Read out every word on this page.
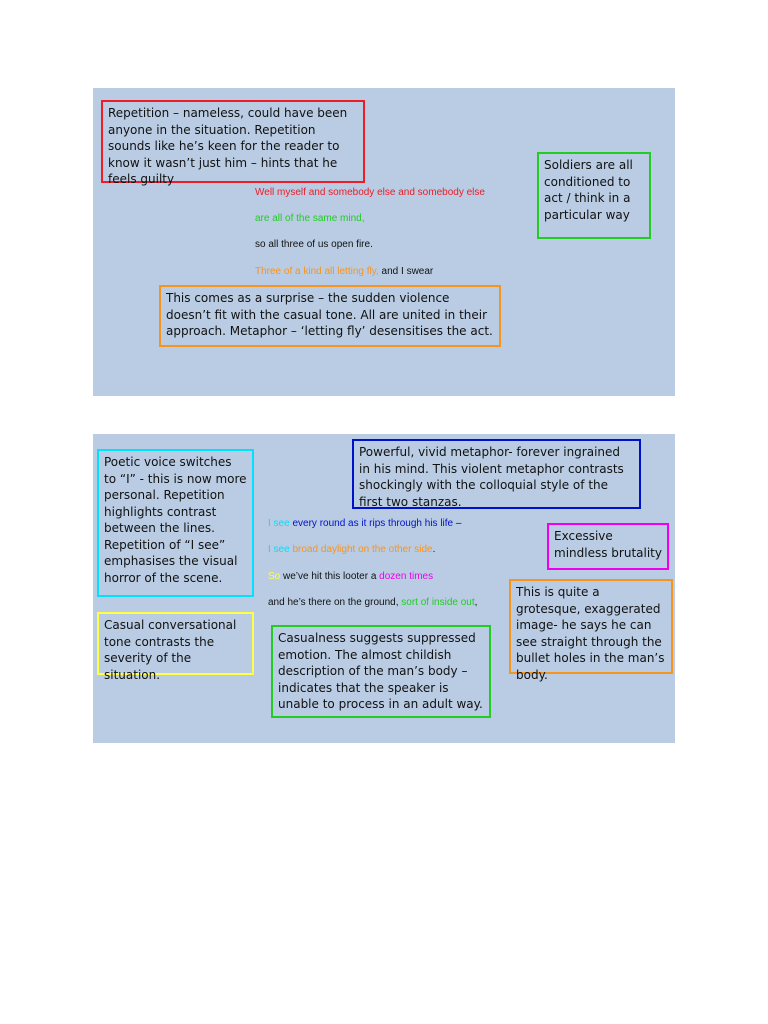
Repetition – nameless, could have been anyone in the situation. Repetition sounds like he’s keen for the reader to know it wasn’t just him – hints that he feels guilty

Soldiers are all conditioned to act / think in a particular way

Well myself and somebody else and somebody else

are all of the same mind,

so all three of us open fire.

Three of a kind all letting fly, and I swear

This comes as a surprise – the sudden violence doesn’t fit with the casual tone. All are united in their approach. Metaphor – ‘letting fly’ desensitises the act.

Poetic voice switches to “I” - this is now more personal. Repetition highlights contrast between the lines. Repetition of “I see” emphasises the visual horror of the scene.

Powerful, vivid metaphor- forever ingrained in his mind. This violent metaphor contrasts shockingly with the colloquial style of the first two stanzas.

Excessive mindless brutality

I see every round as it rips through his life –

I see broad daylight on the other side.

So we’ve hit this looter a dozen times

and he’s there on the ground, sort of inside out,

Casual conversational tone contrasts the severity of the situation.

Casualness suggests suppressed emotion. The almost childish description of the man’s body – indicates that the speaker is unable to process in an adult way.

This is quite a grotesque, exaggerated image- he says he can see straight through the bullet holes in the man’s body.
